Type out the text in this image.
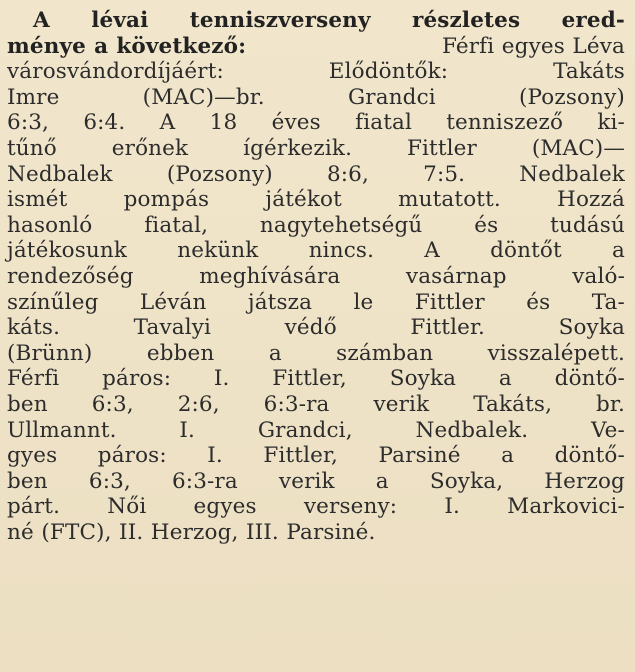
A lévai tenniszverseny részletes ered-
ménye a következő:	Férfi egyes Léva
városvándordíjáért:	Elődöntők:	Takáts
Imre	(MAC)—br.	Grandci	(Pozsony)
6:3, 6:4. A 18 éves fiatal tenniszező ki-
tűnő	erőnek	ígérkezik.	Fittler	(MAC)—
Nedbalek	(Pozsony)	8:6,	7:5.	Nedbalek
ismét	pompás	játékot	mutatott.	Hozzá
hasonló fiatal, nagytehetségű és tudású
játékosunk nekünk nincs. A döntőt a
rendezőség	meghívására	vasárnap	való-
színűleg Léván játsza le Fittler és Ta-
káts.	Tavalyi	védő	Fittler.	Soyka
(Brünn)	ebben	a	számban	visszalépett.
Férfi páros: I. Fittler, Soyka a döntő-
ben 6:3, 2:6, 6:3-ra verik Takáts, br.
Ullmannt.	I.	Grandci,	Nedbalek.	Ve-
gyes páros: I. Fittler, Parsiné a döntő-
ben 6:3, 6:3-ra verik a Soyka, Herzog
párt. Női egyes verseny: I. Markovici-
né (FTC), II. Herzog, III. Parsiné.
